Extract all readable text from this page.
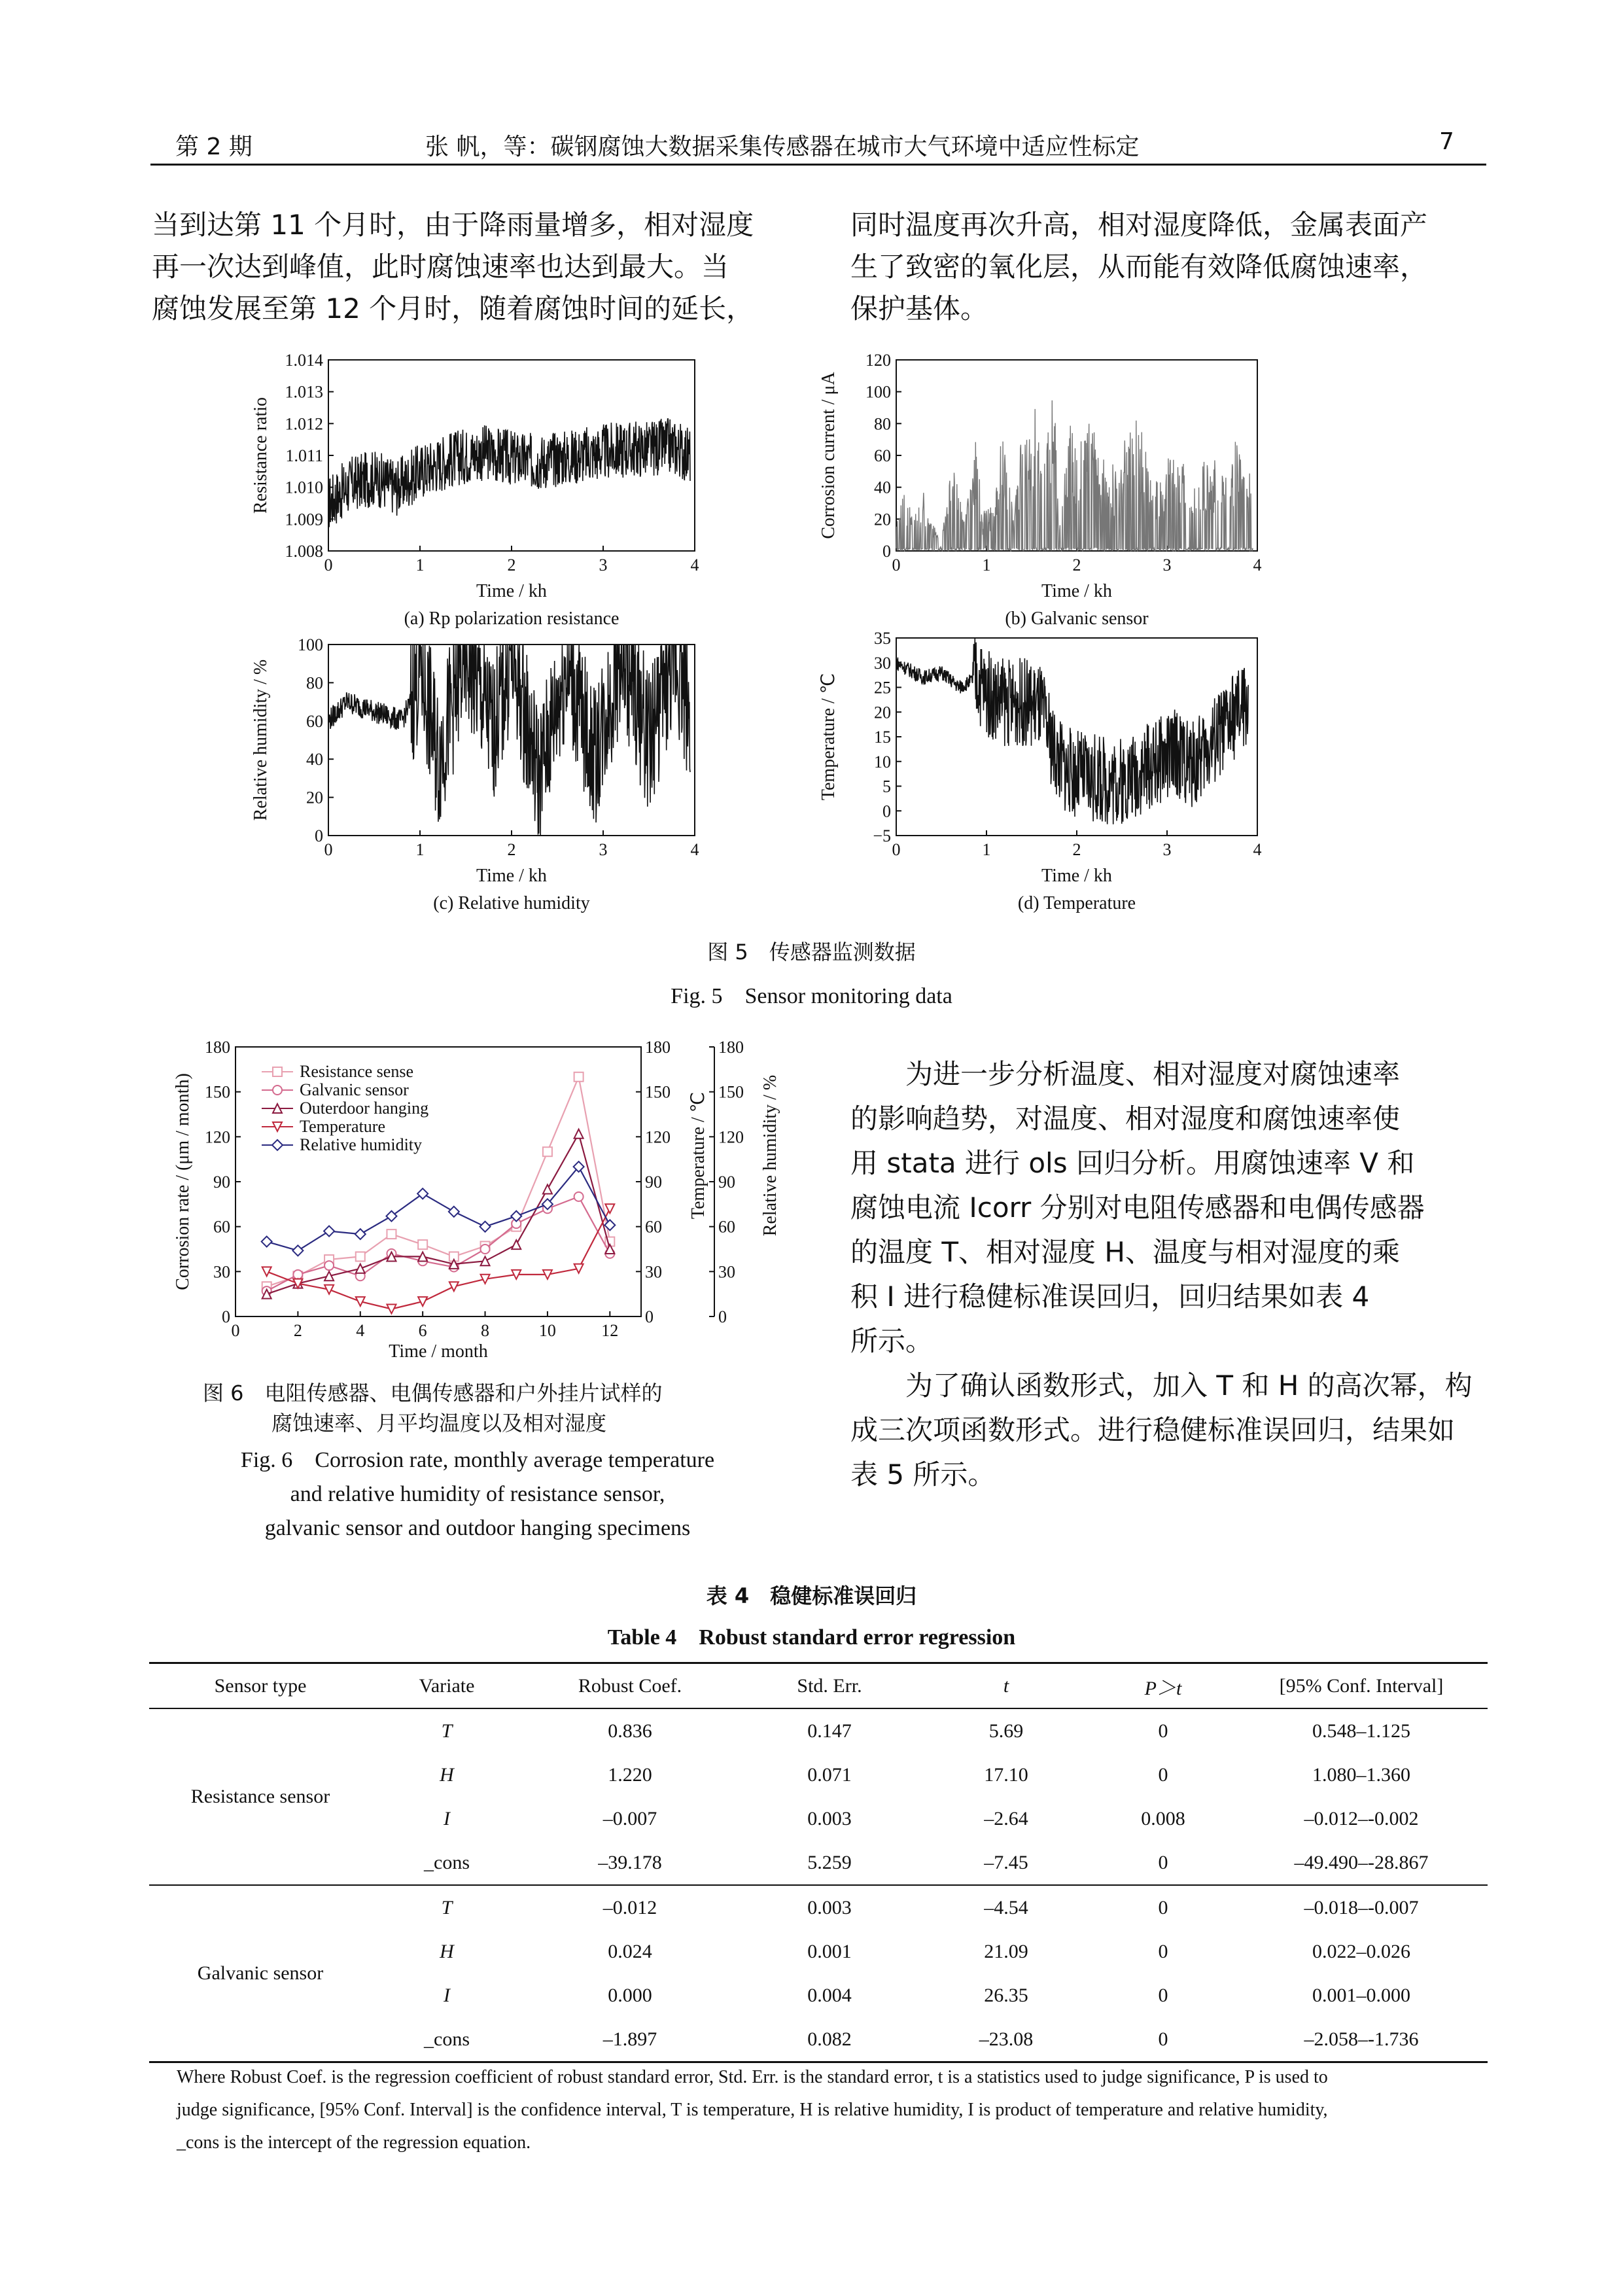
第 2 期	张 帆，等：碳钢腐蚀大数据采集传感器在城市大气环境中适应性标定	7
当到达第 11 个月时，由于降雨量增多，相对湿度
再一次达到峰值，此时腐蚀速率也达到最大。当
腐蚀发展至第 12 个月时，随着腐蚀时间的延长，
同时温度再次升高，相对湿度降低，金属表面产
生了致密的氧化层，从而能有效降低腐蚀速率，
保护基体。
0	1	2	3	4
1.008
1.009
1.010
1.011
1.012
1.013
1.014
Time / kh
Resistance ratio
(a) Rp polarization resistance
0	1	2	3	4
0
20
40
60
80
100
120
Time / kh
Corrosion current / μA
(b) Galvanic sensor
0	1	2	3	4
0
20
40
60
80
100
Time / kh
Relative humidity / %
(c) Relative humidity
0	1	2	3	4
−5
0
5
10
15
20
25
30
35
Time / kh
Temperature / ℃
(d) Temperature
图 5　传感器监测数据
Fig. 5　Sensor monitoring data
0	2	4	6	8	10	12
0	0	0
30	30	30
60	60	60
90	90	90
120	120	120
150	150	150
180	180	180
Time / month
Corrosion rate / (μm / month)	Temperature / ℃	Relative humidity / %
Resistance sense
Galvanic sensor
Outerdoor hanging
Temperature
Relative humidity
图 6　电阻传感器、电偶传感器和户外挂片试样的
腐蚀速率、月平均温度以及相对湿度
Fig. 6　Corrosion rate, monthly average temperature
and relative humidity of resistance sensor,
galvanic sensor and outdoor hanging specimens
　　为进一步分析温度、相对湿度对腐蚀速率
的影响趋势，对温度、相对湿度和腐蚀速率使
用 stata 进行 ols 回归分析。用腐蚀速率 V 和
腐蚀电流 Icorr 分别对电阻传感器和电偶传感器
的温度 T、相对湿度 H、温度与相对湿度的乘
积 I 进行稳健标准误回归，回归结果如表 4
所示。
　　为了确认函数形式，加入 T 和 H 的高次幂，构
成三次项函数形式。进行稳健标准误回归，结果如
表 5 所示。
表 4　稳健标准误回归
Table 4　Robust standard error regression
Sensor type	Variate	Robust Coef.	Std. Err.	t	P＞t	[95% Conf. Interval]
Resistance sensor	T	0.836	0.147	5.69	0	0.548–1.125
	H	1.220	0.071	17.10	0	1.080–1.360
	I	–0.007	0.003	–2.64	0.008	–0.012–-0.002
	_cons	–39.178	5.259	–7.45	0	–49.490–-28.867
Galvanic sensor	T	–0.012	0.003	–4.54	0	–0.018–-0.007
	H	0.024	0.001	21.09	0	0.022–0.026
	I	0.000	0.004	26.35	0	0.001–0.000
	_cons	–1.897	0.082	–23.08	0	–2.058–-1.736
Where Robust Coef. is the regression coefficient of robust standard error, Std. Err. is the standard error, t is a statistics used to judge significance, P is used to
judge significance, [95% Conf. Interval] is the confidence interval, T is temperature, H is relative humidity, I is product of temperature and relative humidity,
_cons is the intercept of the regression equation.
